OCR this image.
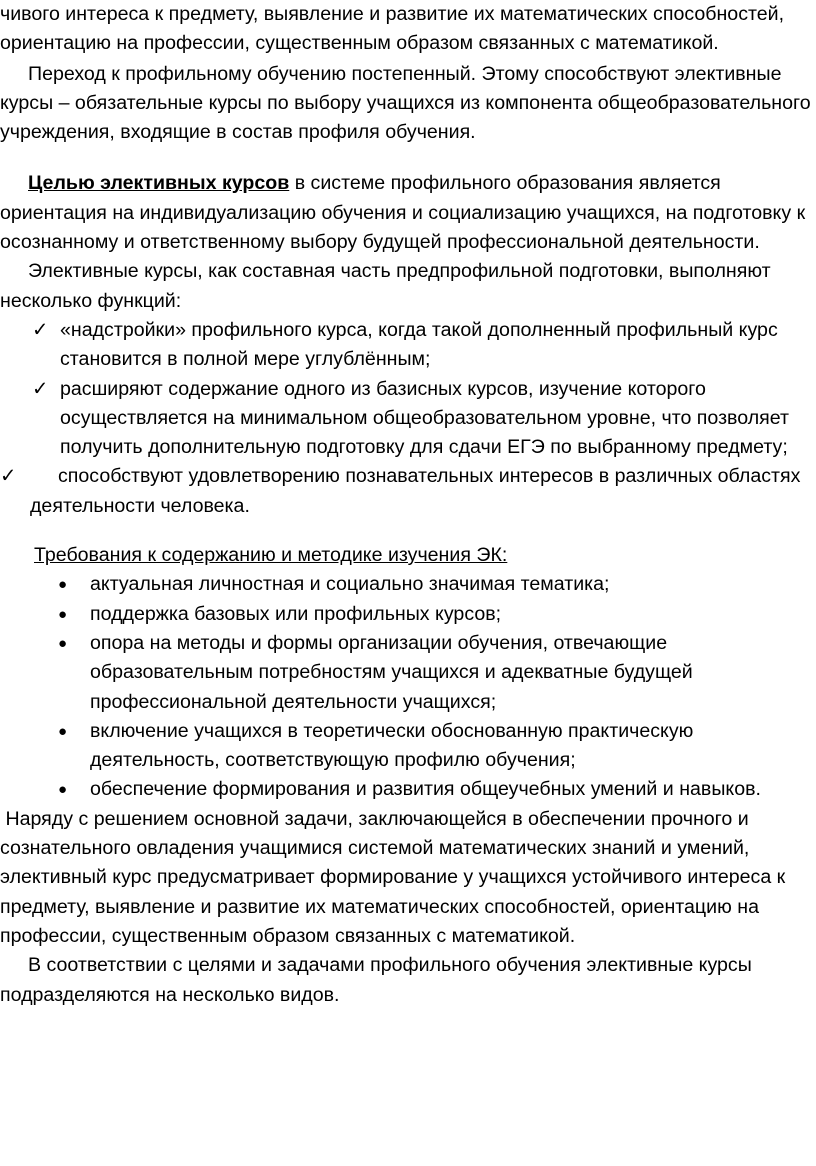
чивого интереса к предмету, выявление и развитие их математических способностей, ориентацию на профессии, существенным образом связанных с математикой.

Переход к профильному обучению постепенный. Этому способствуют элективные курсы – обязательные курсы по выбору учащихся из компонента общеобразовательного учреждения, входящие в состав профиля обучения.

Целью элективных курсов в системе профильного образования является ориентация на индивидуализацию обучения и социализацию учащихся, на подготовку к осознанному и ответственному выбору будущей профессиональной деятельности.

Элективные курсы, как составная часть предпрофильной подготовки, выполняют несколько функций:

✓ «надстройки» профильного курса, когда такой дополненный профильный курс становится в полной мере углублённым;
✓ расширяют содержание одного из базисных курсов, изучение которого осуществляется на минимальном общеобразовательном уровне, что позволяет получить дополнительную подготовку для сдачи ЕГЭ по выбранному предмету;
✓ способствуют удовлетворению познавательных интересов в различных областях деятельности человека.

Требования к содержанию и методике изучения ЭК:

● актуальная личностная и социально значимая тематика;
● поддержка базовых или профильных курсов;
● опора на методы и формы организации обучения, отвечающие образовательным потребностям учащихся и адекватные будущей профессиональной деятельности учащихся;
● включение учащихся в теоретически обоснованную практическую деятельность, соответствующую профилю обучения;
● обеспечение формирования и развития общеучебных умений и навыков.

Наряду с решением основной задачи, заключающейся в обеспечении прочного и сознательного овладения учащимися системой математических знаний и умений, элективный курс предусматривает формирование у учащихся устойчивого интереса к предмету, выявление и развитие их математических способностей, ориентацию на профессии, существенным образом связанных с математикой.

В соответствии с целями и задачами профильного обучения элективные курсы подразделяются на несколько видов.
